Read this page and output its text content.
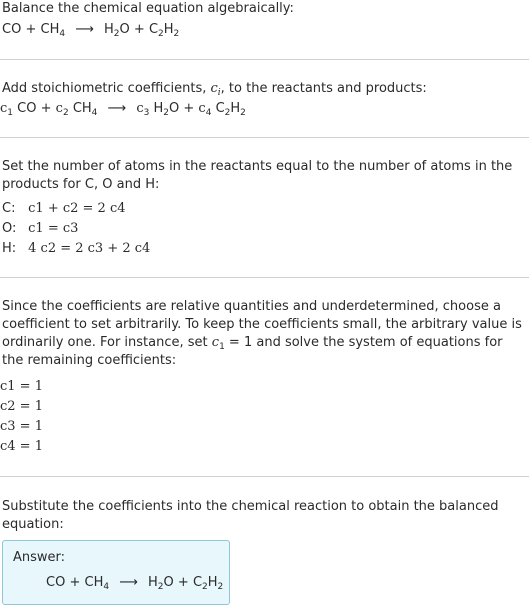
Balance the chemical equation algebraically:
CO + $CH_4$ ⟶ $H_2O + C_2H_2$
Add stoichiometric coefficients, $c_i$, to the reactants and products:
$c_1$ CO + $c_2$ $CH_4$ ⟶ $c_3$ $H_2O + c_4$ $C_2H_2$
Set the number of atoms in the reactants equal to the number of atoms in the products for C, O and H:
C: c1 + c2 = 2 c4
O: c1 = c3
H: 4 c2 = 2 c3 + 2 c4
Since the coefficients are relative quantities and underdetermined, choose a coefficient to set arbitrarily. To keep the coefficients small, the arbitrary value is ordinarily one. For instance, set $c_1 = 1$ and solve the system of equations for the remaining coefficients:
c1 = 1
c2 = 1
c3 = 1
c4 = 1
Substitute the coefficients into the chemical reaction to obtain the balanced equation:
Answer:
CO + $CH_4$ ⟶ $H_2O + C_2H_2$
